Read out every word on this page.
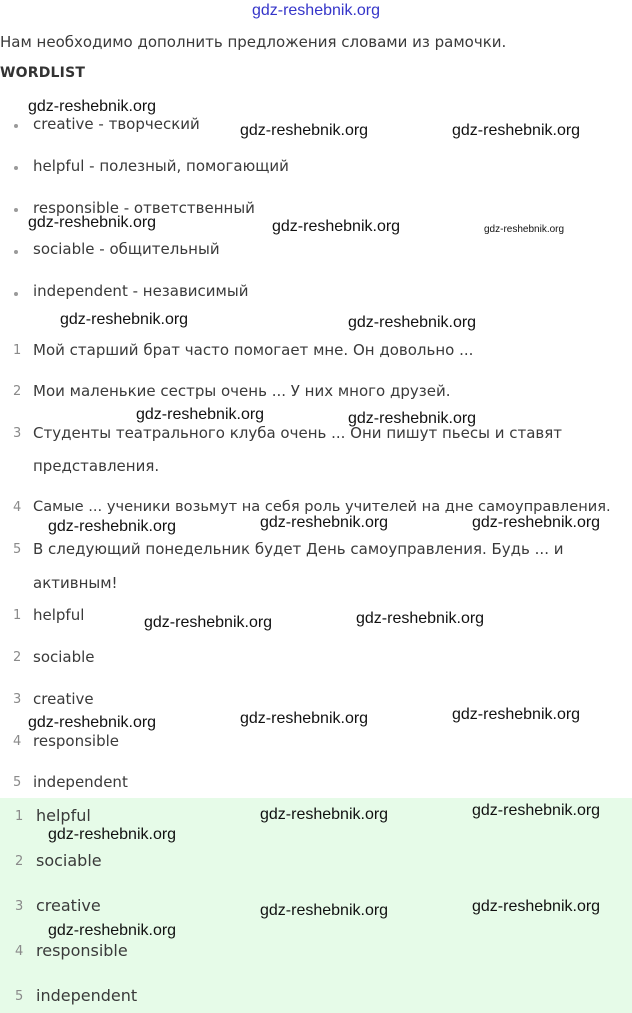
gdz-reshebnik.org
Нам необходимо дополнить предложения словами из рамочки.
WORDLIST
creative - творческий
helpful - полезный, помогающий
responsible - ответственный
sociable - общительный
independent - независимый
1 Мой старший брат часто помогает мне. Он довольно ...
2 Мои маленькие сестры очень ... У них много друзей.
3 Студенты театрального клуба очень ... Они пишут пьесы и ставят
представления.
4 Самые ... ученики возьмут на себя роль учителей на дне самоуправления.
5 В следующий понедельник будет День самоуправления. Будь ... и
активным!
1 helpful
2 sociable
3 creative
4 responsible
5 independent
1 helpful
2 sociable
3 creative
4 responsible
5 independent
gdz-reshebnik.org
gdz-reshebnik.org	gdz-reshebnik.org
gdz-reshebnik.org	gdz-reshebnik.org	gdz-reshebnik.org
gdz-reshebnik.org	gdz-reshebnik.org
gdz-reshebnik.org	gdz-reshebnik.org
gdz-reshebnik.org	gdz-reshebnik.org	gdz-reshebnik.org
gdz-reshebnik.org	gdz-reshebnik.org
gdz-reshebnik.org	gdz-reshebnik.org	gdz-reshebnik.org
gdz-reshebnik.org	gdz-reshebnik.org
gdz-reshebnik.org
gdz-reshebnik.org	gdz-reshebnik.org
gdz-reshebnik.org
